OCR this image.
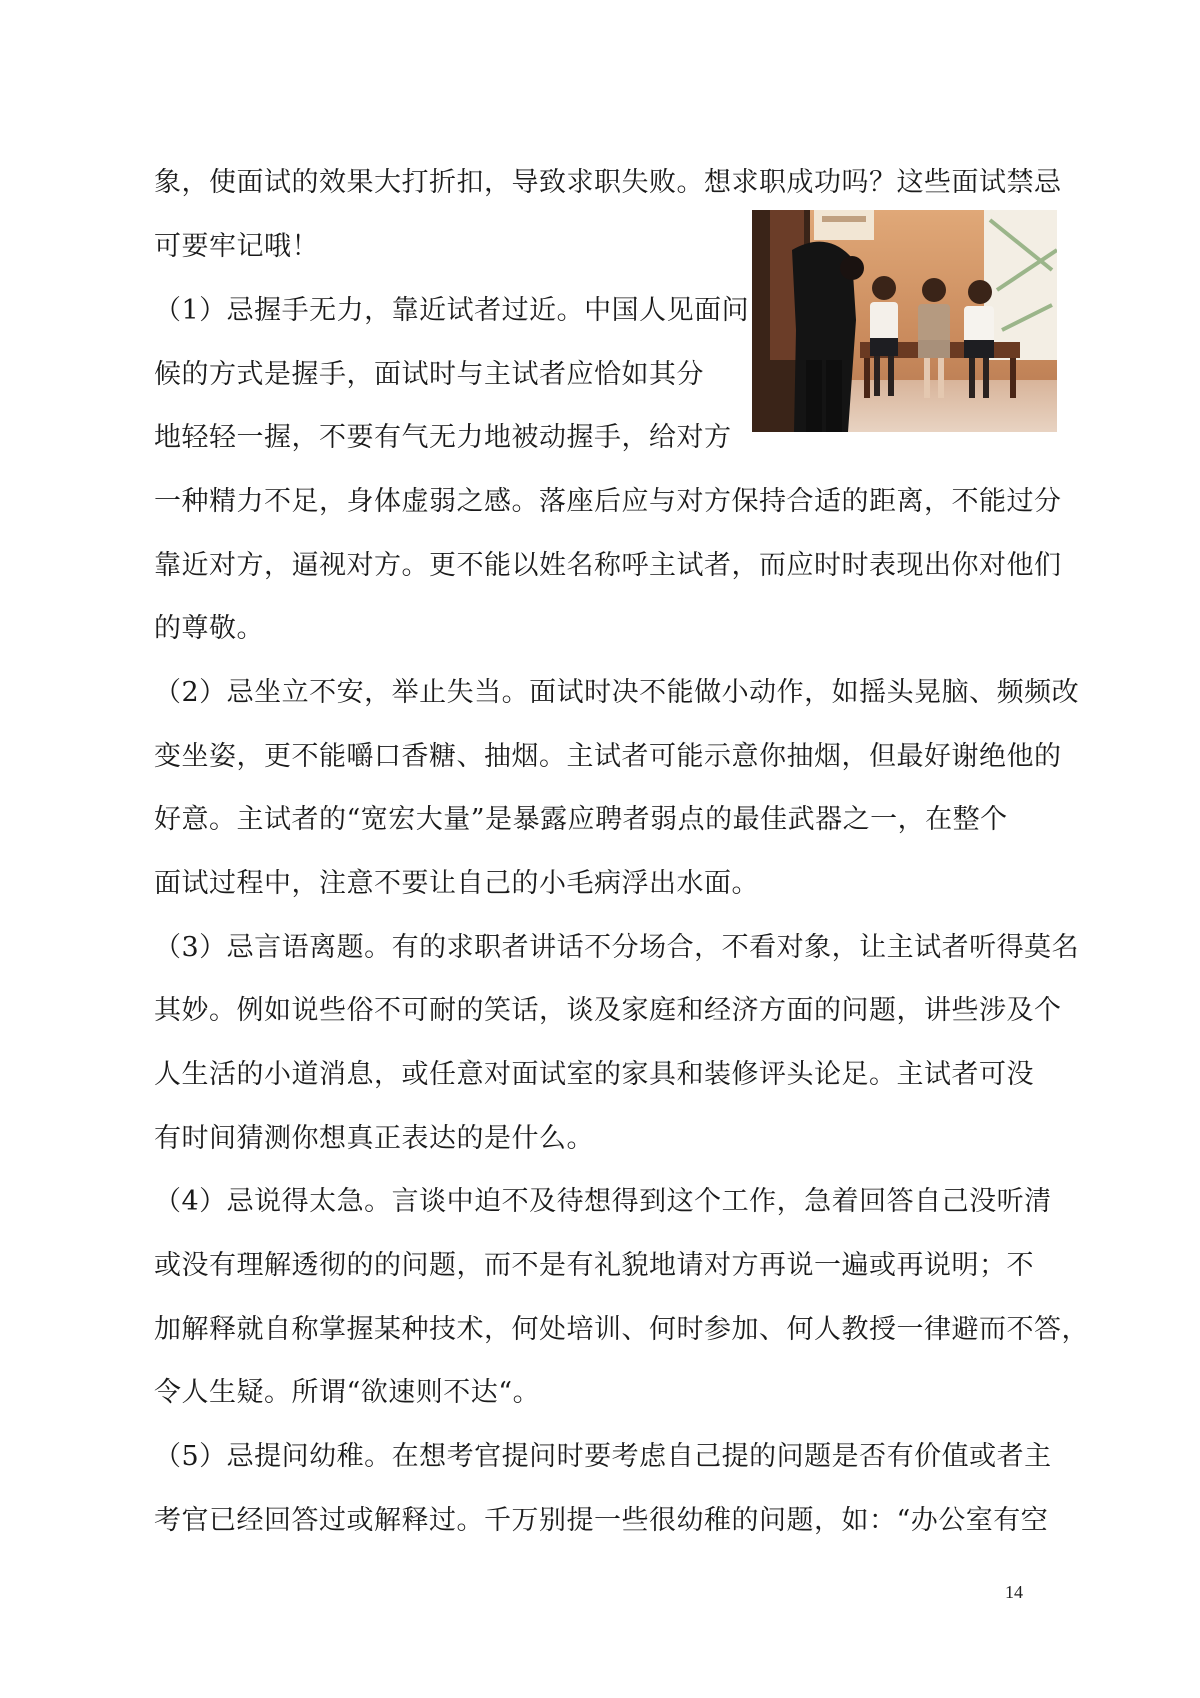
象，使面试的效果大打折扣，导致求职失败。想求职成功吗？这些面试禁忌
可要牢记哦！
（1）忌握手无力，靠近试者过近。中国人见面问
候的方式是握手，面试时与主试者应恰如其分
地轻轻一握，不要有气无力地被动握手，给对方
一种精力不足，身体虚弱之感。落座后应与对方保持合适的距离，不能过分
靠近对方，逼视对方。更不能以姓名称呼主试者，而应时时表现出你对他们
的尊敬。
（2）忌坐立不安，举止失当。面试时决不能做小动作，如摇头晃脑、频频改
变坐姿，更不能嚼口香糖、抽烟。主试者可能示意你抽烟，但最好谢绝他的
好意。主试者的“宽宏大量”是暴露应聘者弱点的最佳武器之一，在整个
面试过程中，注意不要让自己的小毛病浮出水面。
（3）忌言语离题。有的求职者讲话不分场合，不看对象，让主试者听得莫名
其妙。例如说些俗不可耐的笑话，谈及家庭和经济方面的问题，讲些涉及个
人生活的小道消息，或任意对面试室的家具和装修评头论足。主试者可没
有时间猜测你想真正表达的是什么。
（4）忌说得太急。言谈中迫不及待想得到这个工作，急着回答自己没听清
或没有理解透彻的的问题，而不是有礼貌地请对方再说一遍或再说明；不
加解释就自称掌握某种技术，何处培训、何时参加、何人教授一律避而不答，
令人生疑。所谓“欲速则不达“。
（5）忌提问幼稚。在想考官提问时要考虑自己提的问题是否有价值或者主
考官已经回答过或解释过。千万别提一些很幼稚的问题，如：“办公室有空
14
